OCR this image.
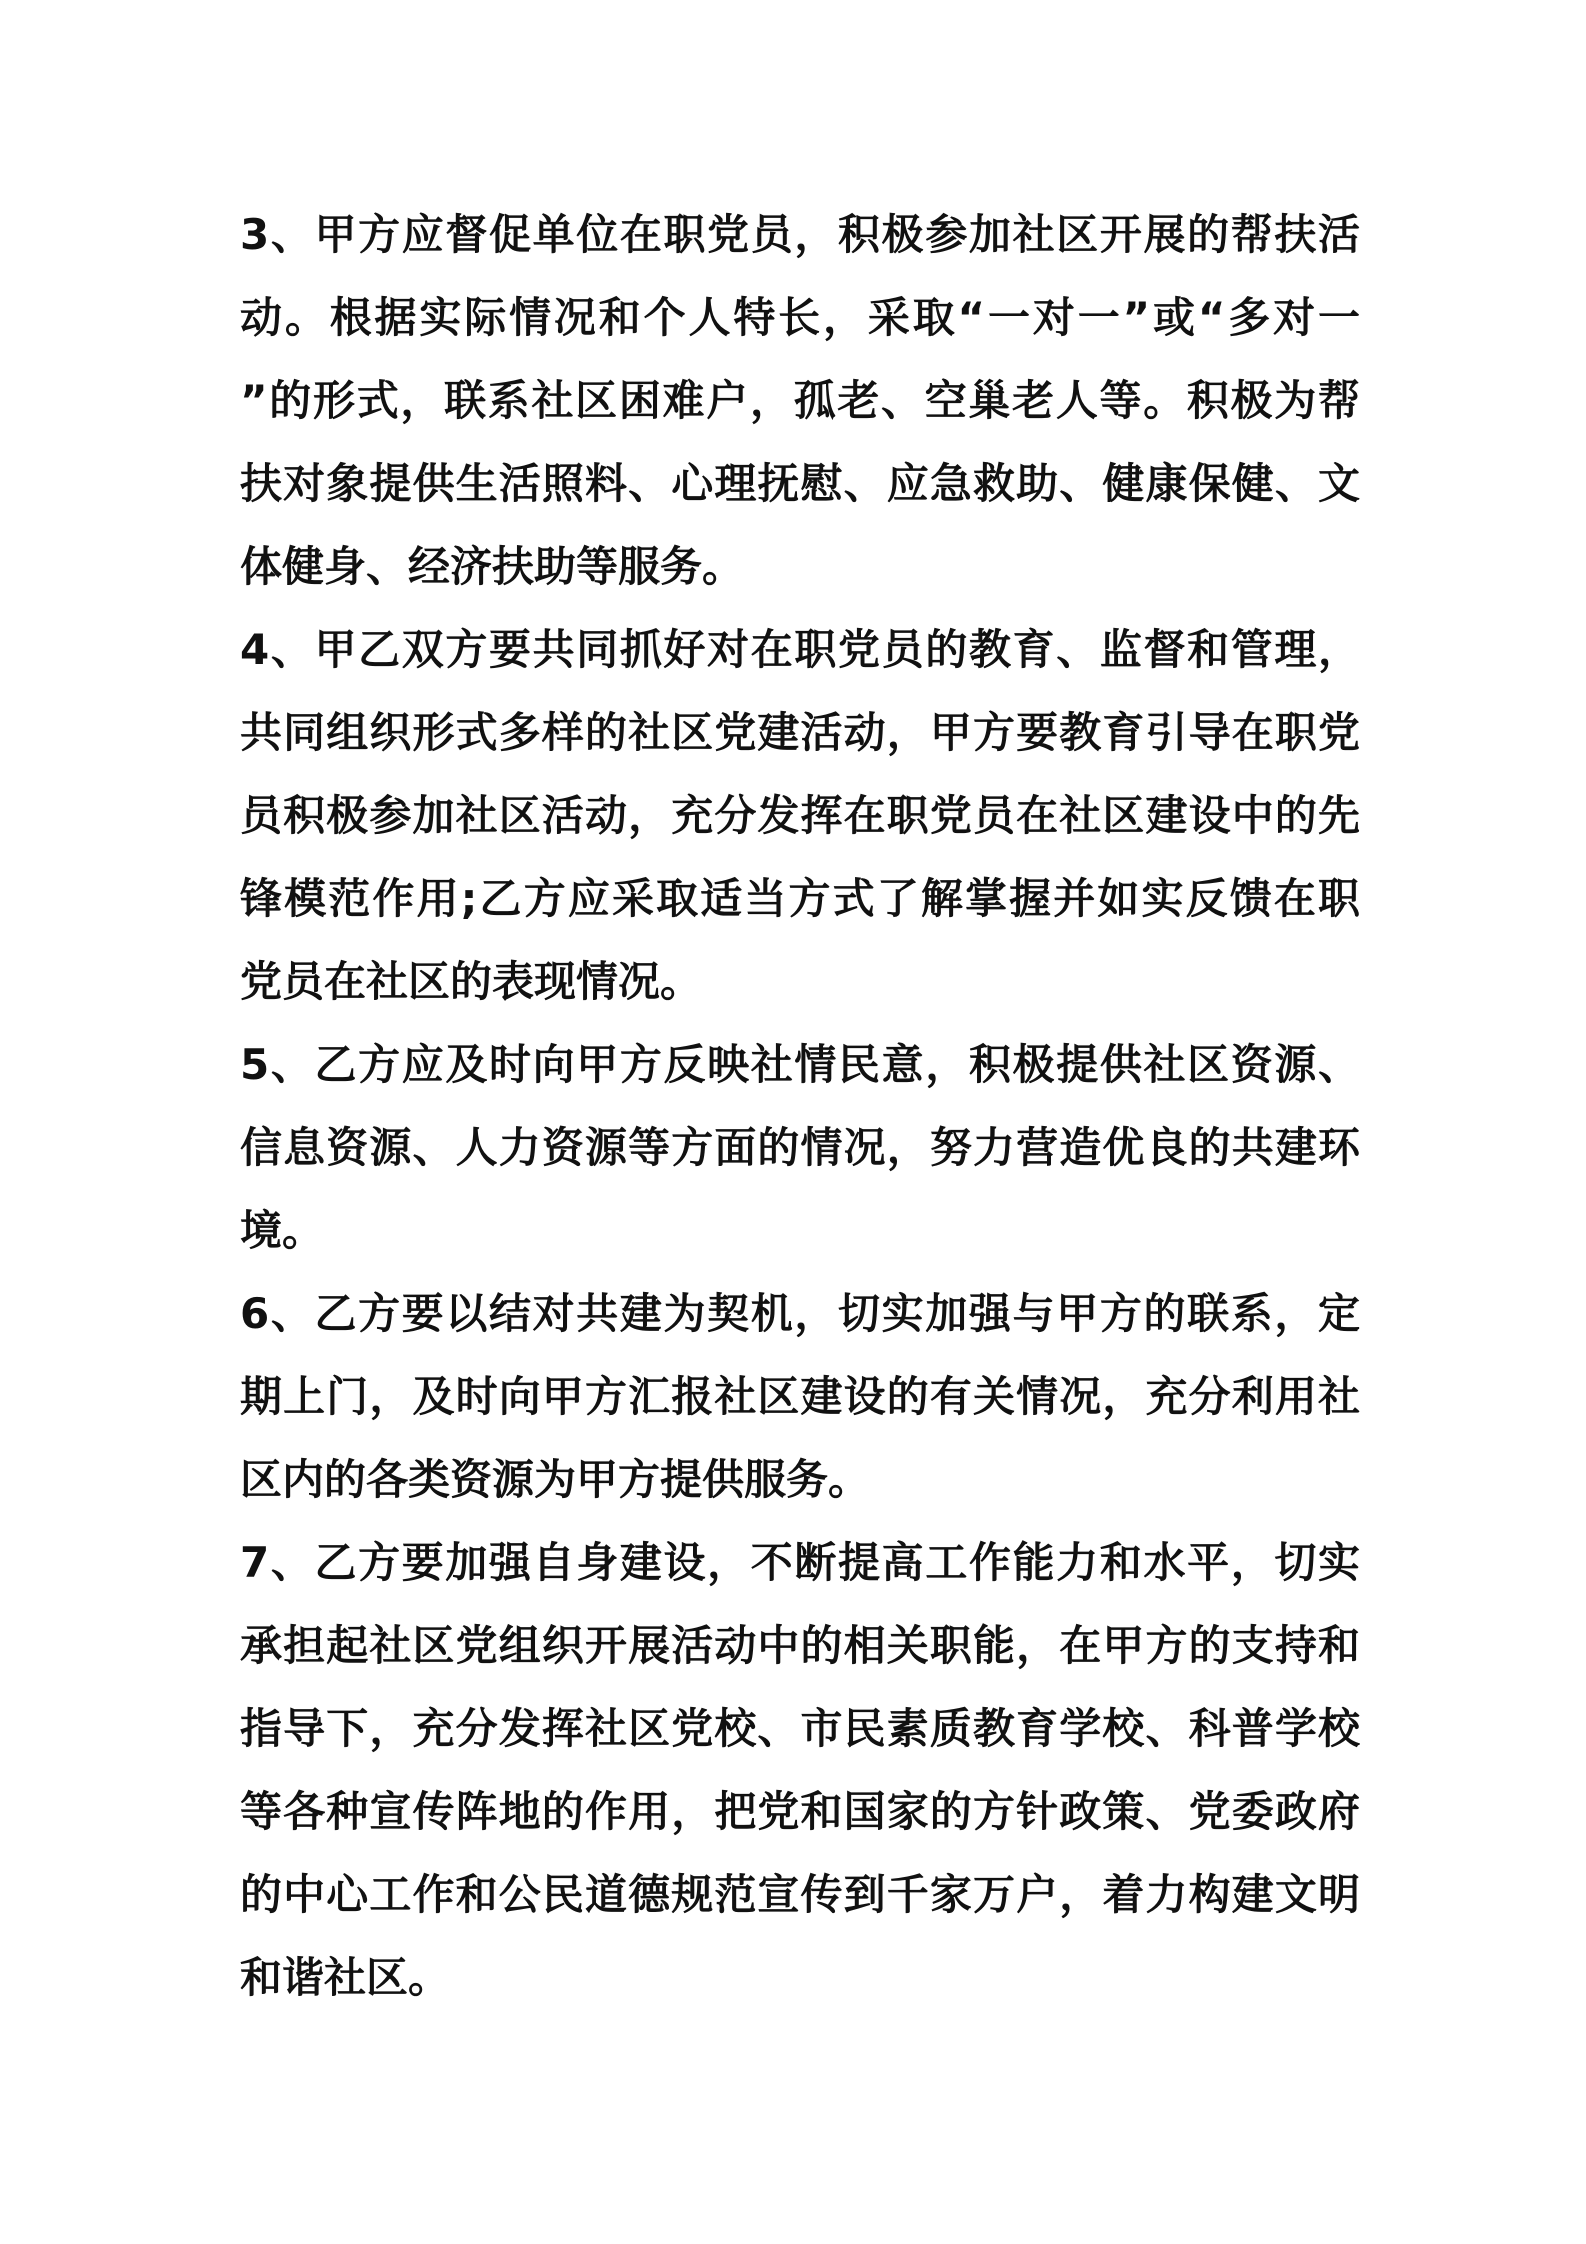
3、甲方应督促单位在职党员，积极参加社区开展的帮扶活
动。根据实际情况和个人特长，采取“一对一”或“多对一
”的形式，联系社区困难户，孤老、空巢老人等。积极为帮
扶对象提供生活照料、心理抚慰、应急救助、健康保健、文
体健身、经济扶助等服务。
4、甲乙双方要共同抓好对在职党员的教育、监督和管理，
共同组织形式多样的社区党建活动，甲方要教育引导在职党
员积极参加社区活动，充分发挥在职党员在社区建设中的先
锋模范作用;乙方应采取适当方式了解掌握并如实反馈在职
党员在社区的表现情况。
5、乙方应及时向甲方反映社情民意，积极提供社区资源、
信息资源、人力资源等方面的情况，努力营造优良的共建环
境。
6、乙方要以结对共建为契机，切实加强与甲方的联系，定
期上门，及时向甲方汇报社区建设的有关情况，充分利用社
区内的各类资源为甲方提供服务。
7、乙方要加强自身建设，不断提高工作能力和水平，切实
承担起社区党组织开展活动中的相关职能，在甲方的支持和
指导下，充分发挥社区党校、市民素质教育学校、科普学校
等各种宣传阵地的作用，把党和国家的方针政策、党委政府
的中心工作和公民道德规范宣传到千家万户，着力构建文明
和谐社区。
